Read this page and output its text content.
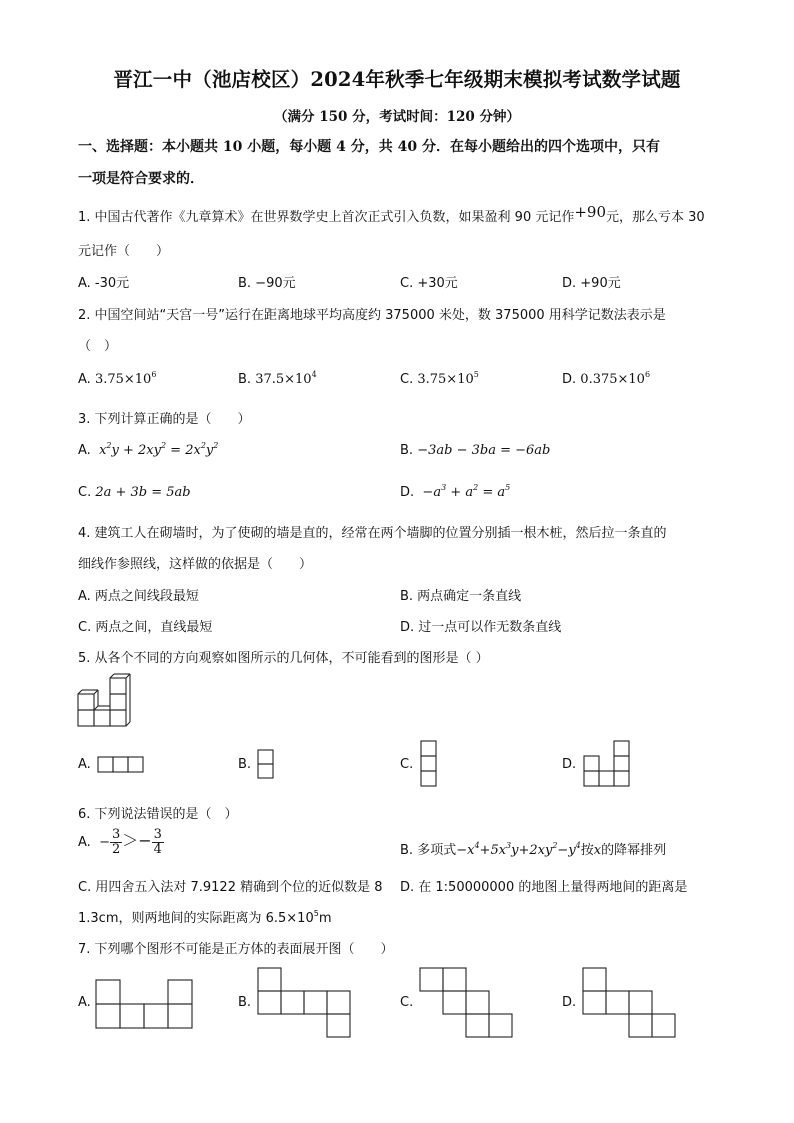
晋江一中（池店校区）2024年秋季七年级期末模拟考试数学试题
（满分 150 分，考试时间：120 分钟）
一、选择题：本小题共 10 小题，每小题 4 分，共 40 分．在每小题给出的四个选项中，只有
一项是符合要求的．
1. 中国古代著作《九章算术》在世界数学史上首次正式引入负数，如果盈利 90 元记作+90元，那么亏本 30
元记作（　　）
A. -30元	B. −90元	C. +30元	D. +90元
2. 中国空间站“天宫一号”运行在距离地球平均高度约 375000 米处，数 375000 用科学记数法表示是
（　）
A. $3.75\times 10^6$	B. $37.5\times 10^4$	C. $3.75\times 10^5$	D. $0.375\times 10^6$
3. 下列计算正确的是（　　）
A.  $x^2y + 2xy^2 = 2x^2y^2$	B. −3ab − 3ba = −6ab
C. 2a + 3b = 5ab	D.  $-a^3 + a^2 = a^5$
4. 建筑工人在砌墙时，为了使砌的墙是直的，经常在两个墙脚的位置分别插一根木桩，然后拉一条直的
细线作参照线，这样做的依据是（　　）
A. 两点之间线段最短	B. 两点确定一条直线
C. 两点之间，直线最短	D. 过一点可以作无数条直线
5. 从各个不同的方向观察如图所示的几何体，不可能看到的图形是（ ）
A.	B.	C.	D.
6. 下列说法错误的是（　）
A.  − $\frac{3}{2} >- \frac{3}{4}$	B. 多项式$-x^4+5x^3y+2xy^2-y^4$按x的降幂排列
C. 用四舍五入法对 7.9122 精确到个位的近似数是 8 D. 在 1:50000000 的地图上量得两地间的距离是
1.3cm，则两地间的实际距离为 $6.5\times 10^5m$
7. 下列哪个图形不可能是正方体的表面展开图（　　）
A.	B.	C.	D.
